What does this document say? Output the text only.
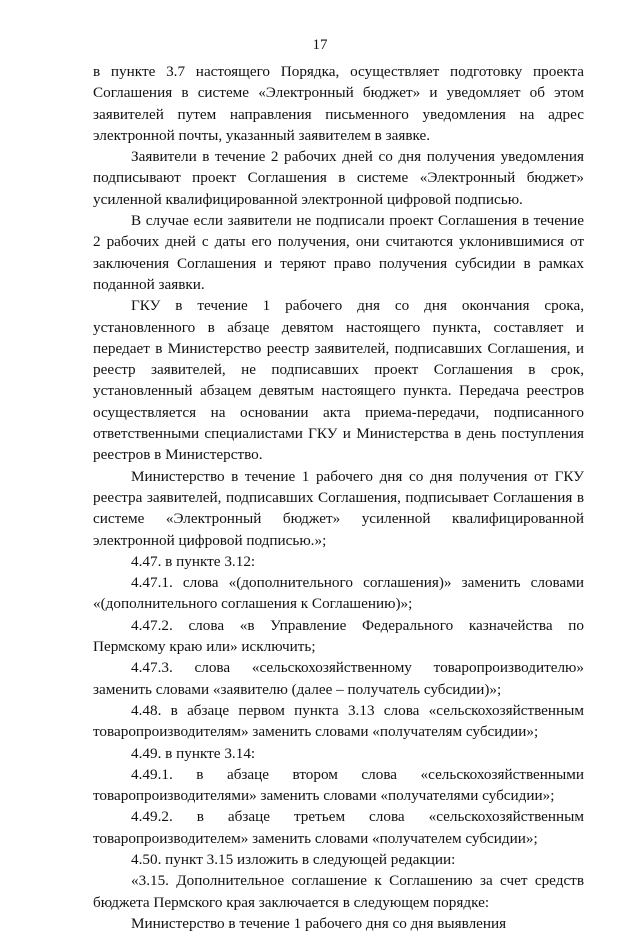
17

в пункте 3.7 настоящего Порядка, осуществляет подготовку проекта Соглашения в системе «Электронный бюджет» и уведомляет об этом заявителей путем направления письменного уведомления на адрес электронной почты, указанный заявителем в заявке.

Заявители в течение 2 рабочих дней со дня получения уведомления подписывают проект Соглашения в системе «Электронный бюджет» усиленной квалифицированной электронной цифровой подписью.

В случае если заявители не подписали проект Соглашения в течение 2 рабочих дней с даты его получения, они считаются уклонившимися от заключения Соглашения и теряют право получения субсидии в рамках поданной заявки.

ГКУ в течение 1 рабочего дня со дня окончания срока, установленного в абзаце девятом настоящего пункта, составляет и передает в Министерство реестр заявителей, подписавших Соглашения, и реестр заявителей, не подписавших проект Соглашения в срок, установленный абзацем девятым настоящего пункта. Передача реестров осуществляется на основании акта приема-передачи, подписанного ответственными специалистами ГКУ и Министерства в день поступления реестров в Министерство.

Министерство в течение 1 рабочего дня со дня получения от ГКУ реестра заявителей, подписавших Соглашения, подписывает Соглашения в системе «Электронный бюджет» усиленной квалифицированной электронной цифровой подписью.»;

4.47. в пункте 3.12:

4.47.1. слова «(дополнительного соглашения)» заменить словами «(дополнительного соглашения к Соглашению)»;

4.47.2. слова «в Управление Федерального казначейства по Пермскому краю или» исключить;

4.47.3. слова «сельскохозяйственному товаропроизводителю» заменить словами «заявителю (далее – получатель субсидии)»;

4.48. в абзаце первом пункта 3.13 слова «сельскохозяйственным товаропроизводителям» заменить словами «получателям субсидии»;

4.49. в пункте 3.14:

4.49.1. в абзаце втором слова «сельскохозяйственными товаропроизводителями» заменить словами «получателями субсидии»;

4.49.2. в абзаце третьем слова «сельскохозяйственным товаропроизводителем» заменить словами «получателем субсидии»;

4.50. пункт 3.15 изложить в следующей редакции:

«3.15. Дополнительное соглашение к Соглашению за счет средств бюджета Пермского края заключается в следующем порядке:

Министерство в течение 1 рабочего дня со дня выявления
